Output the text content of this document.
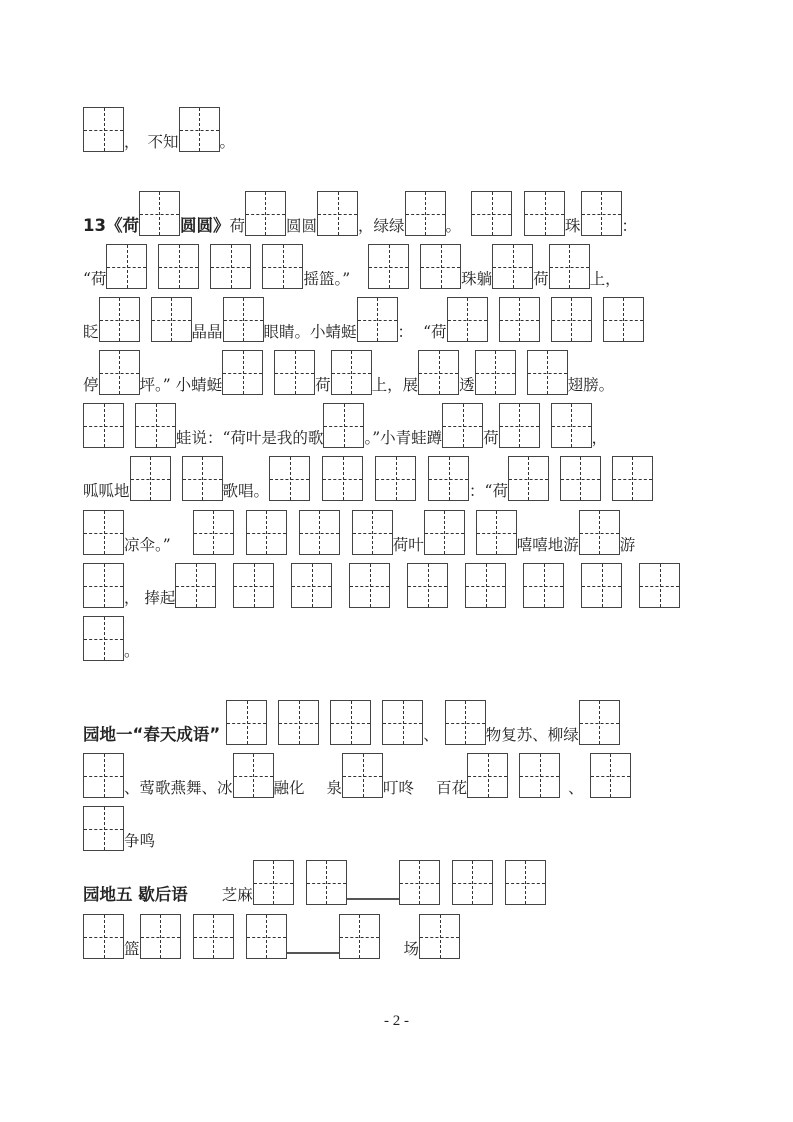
， 不知	。
13 《荷 圆圆》 荷	圆圆	，绿绿	。	珠	：
“荷	摇篮。”	珠躺	荷	上，
眨	晶晶	眼睛。小蜻蜓	： “荷
停	坪。” 小蜻蜓	荷	上，展	透	翅膀。
蛙说：“荷叶是我的歌	。”小青蛙蹲	荷	，
呱呱地	歌唱。	：“荷
凉伞。”	荷叶	嘻嘻地游	游
， 捧起
。
园地一“春天成语”	、	物复苏、柳绿
、莺歌燕舞、冰	融化 泉	叮咚 百花	、
争鸣
园地五 歇后语 芝麻
篮	场
- 2 -
